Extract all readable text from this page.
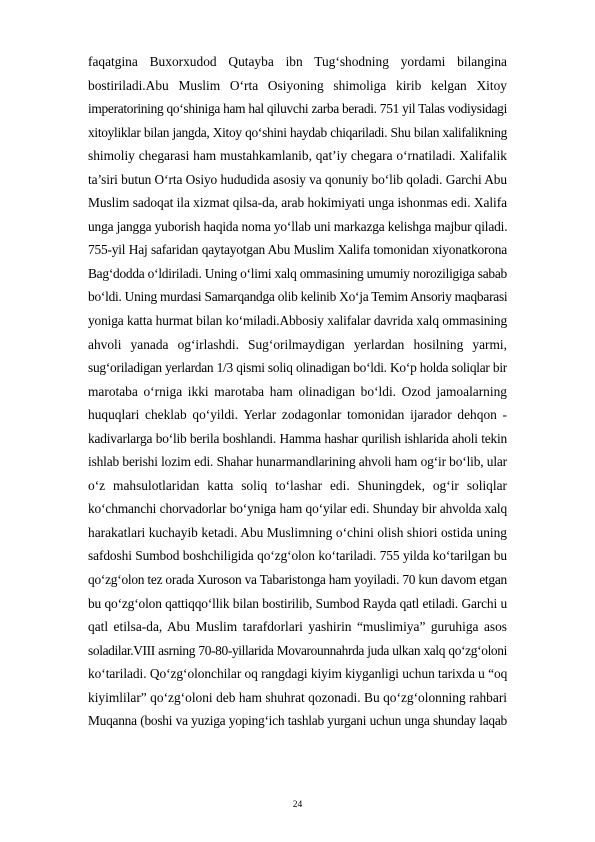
faqatgina Buxorxudod Qutayba ibn Tug‘shodning yordami bilangina
bostiriladi.Abu Muslim O‘rta Osiyoning shimoliga kirib kelgan Xitoy
imperatorining qo‘shiniga ham hal qiluvchi zarba beradi. 751 yil Talas vodiysidagi
xitoyliklar bilan jangda, Xitoy qo‘shini haydab chiqariladi. Shu bilan xalifalikning
shimoliy chegarasi ham mustahkamlanib, qat’iy chegara o‘rnatiladi. Xalifalik
ta’siri butun O‘rta Osiyo hududida asosiy va qonuniy bo‘lib qoladi. Garchi Abu
Muslim sadoqat ila xizmat qilsa-da, arab hokimiyati unga ishonmas edi. Xalifa
unga jangga yuborish haqida noma yo‘llab uni markazga kelishga majbur qiladi.
755-yil Haj safaridan qaytayotgan Abu Muslim Xalifa tomonidan xiyonatkorona
Bag‘dodda o‘ldiriladi. Uning o‘limi xalq ommasining umumiy noroziligiga sabab
bo‘ldi. Uning murdasi Samarqandga olib kelinib Xo‘ja Temim Ansoriy maqbarasi
yoniga katta hurmat bilan ko‘miladi.Abbosiy xalifalar davrida xalq ommasining
ahvoli yanada og‘irlashdi. Sug‘orilmaydigan yerlardan hosilning yarmi,
sug‘oriladigan yerlardan 1/3 qismi soliq olinadigan bo‘ldi. Ko‘p holda soliqlar bir
marotaba o‘rniga ikki marotaba ham olinadigan bo‘ldi. Ozod jamoalarning
huquqlari cheklab qo‘yildi. Yerlar zodagonlar tomonidan ijarador dehqon -
kadivarlarga bo‘lib berila boshlandi. Hamma hashar qurilish ishlarida aholi tekin
ishlab berishi lozim edi. Shahar hunarmandlarining ahvoli ham og‘ir bo‘lib, ular
o‘z mahsulotlaridan katta soliq to‘lashar edi. Shuningdek, og‘ir soliqlar
ko‘chmanchi chorvadorlar bo‘yniga ham qo‘yilar edi. Shunday bir ahvolda xalq
harakatlari kuchayib ketadi. Abu Muslimning o‘chini olish shiori ostida uning
safdoshi Sumbod boshchiligida qo‘zg‘olon ko‘tariladi. 755 yilda ko‘tarilgan bu
qo‘zg‘olon tez orada Xuroson va Tabaristonga ham yoyiladi. 70 kun davom etgan
bu qo‘zg‘olon qattiqqo‘llik bilan bostirilib, Sumbod Rayda qatl etiladi. Garchi u
qatl etilsa-da, Abu Muslim tarafdorlari yashirin “muslimiya” guruhiga asos
soladilar.VIII asrning 70-80-yillarida Movarounnahrda juda ulkan xalq qo‘zg‘oloni
ko‘tariladi. Qo‘zg‘olonchilar oq rangdagi kiyim kiyganligi uchun tarixda u “oq
kiyimlilar” qo‘zg‘oloni deb ham shuhrat qozonadi. Bu qo‘zg‘olonning rahbari
Muqanna (boshi va yuziga yoping‘ich tashlab yurgani uchun unga shunday laqab
24
